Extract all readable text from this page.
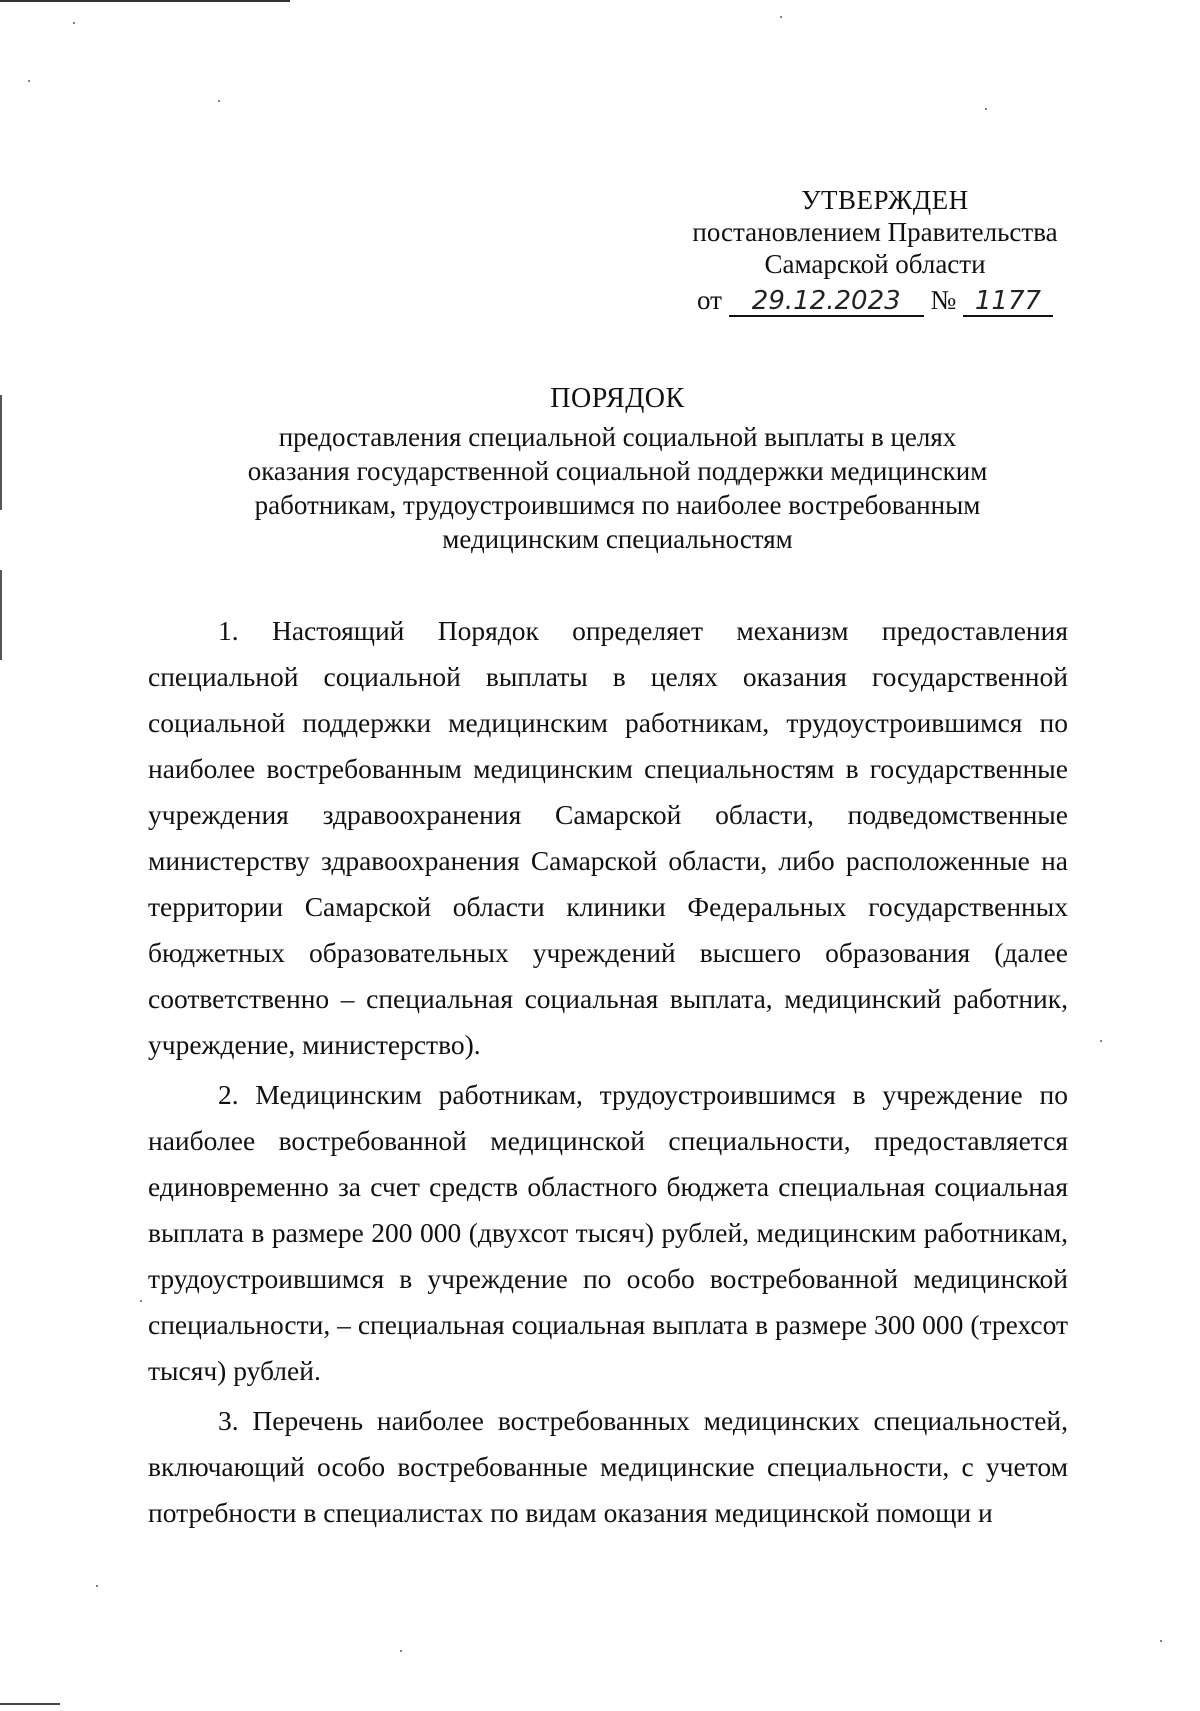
УТВЕРЖДЕН
постановлением Правительства
Самарской области
от 29.12.2023 № 1177
ПОРЯДОК
предоставления специальной социальной выплаты в целях
оказания государственной социальной поддержки медицинским
работникам, трудоустроившимся по наиболее востребованным
медицинским специальностям

1. Настоящий Порядок определяет механизм предоставления специальной социальной выплаты в целях оказания государственной социальной поддержки медицинским работникам, трудоустроившимся по наиболее востребованным медицинским специальностям в государственные учреждения здравоохранения Самарской области, подведомственные министерству здравоохранения Самарской области, либо расположенные на территории Самарской области клиники Федеральных государственных бюджетных образовательных учреждений высшего образования (далее соответственно – специальная социальная выплата, медицинский работник, учреждение, министерство).

2. Медицинским работникам, трудоустроившимся в учреждение по наиболее востребованной медицинской специальности, предоставляется единовременно за счет средств областного бюджета специальная социальная выплата в размере 200 000 (двухсот тысяч) рублей, медицинским работникам, трудоустроившимся в учреждение по особо востребованной медицинской специальности, – специальная социальная выплата в размере 300 000 (трехсот тысяч) рублей.

3. Перечень наиболее востребованных медицинских специальностей, включающий особо востребованные медицинские специальности, с учетом потребности в специалистах по видам оказания медицинской помощи и
